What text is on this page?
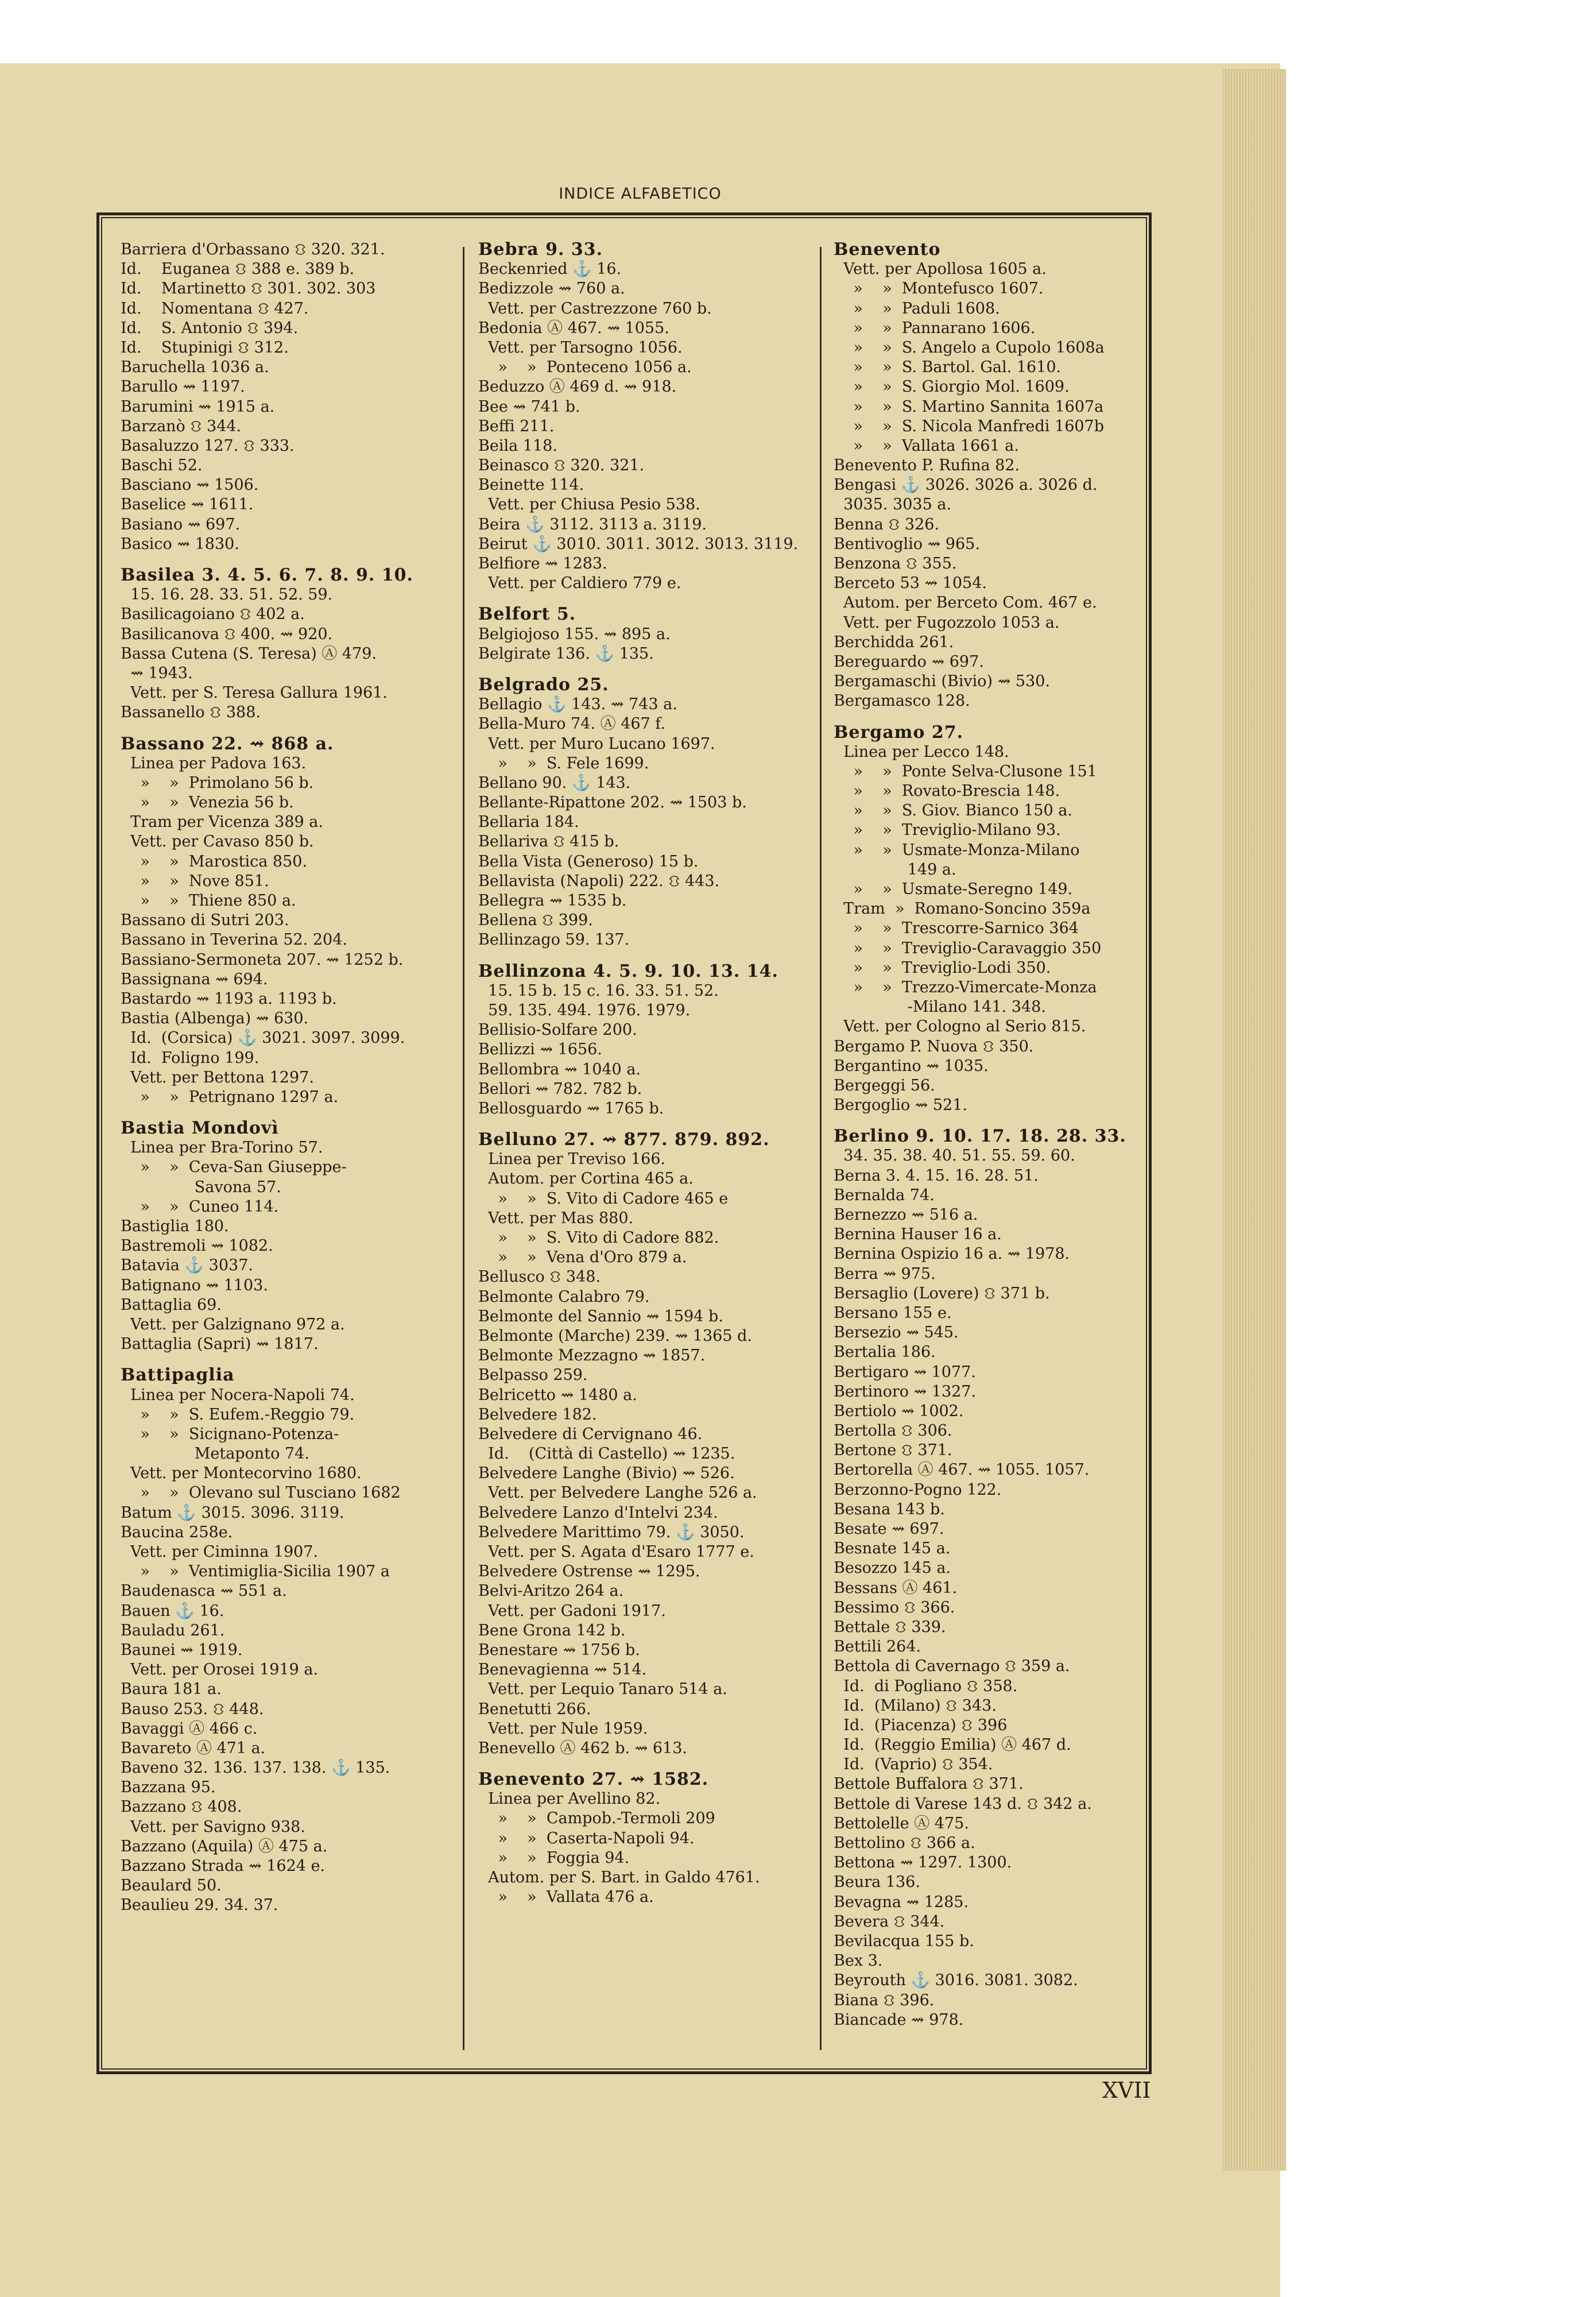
INDICE ALFABETICO
Barriera d'Orbassano ⛻ 320. 321.
Id.    Euganea ⛻ 388 e. 389 b.
Id.    Martinetto ⛻ 301. 302. 303
Id.    Nomentana ⛻ 427.
Id.    S. Antonio ⛻ 394.
Id.    Stupinigi ⛻ 312.
Baruchella 1036 a.
Barullo ⇝ 1197.
Barumini ⇝ 1915 a.
Barzanò ⛻ 344.
Basaluzzo 127. ⛻ 333.
Baschi 52.
Basciano ⇝ 1506.
Baselice ⇝ 1611.
Basiano ⇝ 697.
Basico ⇝ 1830.
Basilea 3. 4. 5. 6. 7. 8. 9. 10.
15. 16. 28. 33. 51. 52. 59.
Basilicagoiano ⛻ 402 a.
Basilicanova ⛻ 400. ⇝ 920.
Bassa Cutena (S. Teresa) Ⓐ 479.
⇝ 1943.
Vett. per S. Teresa Gallura 1961.
Bassanello ⛻ 388.
Bassano 22. ⇝ 868 a.
Linea per Padova 163.
»    »  Primolano 56 b.
»    »  Venezia 56 b.
Tram per Vicenza 389 a.
Vett. per Cavaso 850 b.
»    »  Marostica 850.
»    »  Nove 851.
»    »  Thiene 850 a.
Bassano di Sutri 203.
Bassano in Teverina 52. 204.
Bassiano-Sermoneta 207. ⇝ 1252 b.
Bassignana ⇝ 694.
Bastardo ⇝ 1193 a. 1193 b.
Bastia (Albenga) ⇝ 630.
Id.  (Corsica) ⚓ 3021. 3097. 3099.
Id.  Foligno 199.
Vett. per Bettona 1297.
»    »  Petrignano 1297 a.
Bastia Mondovì
Linea per Bra-Torino 57.
»    »  Ceva-San Giuseppe-
Savona 57.
»    »  Cuneo 114.
Bastiglia 180.
Bastremoli ⇝ 1082.
Batavia ⚓ 3037.
Batignano ⇝ 1103.
Battaglia 69.
Vett. per Galzignano 972 a.
Battaglia (Sapri) ⇝ 1817.
Battipaglia
Linea per Nocera-Napoli 74.
»    »  S. Eufem.-Reggio 79.
»    »  Sicignano-Potenza-
Metaponto 74.
Vett. per Montecorvino 1680.
»    »  Olevano sul Tusciano 1682
Batum ⚓ 3015. 3096. 3119.
Baucina 258e.
Vett. per Ciminna 1907.
»    »  Ventimiglia-Sicilia 1907 a
Baudenasca ⇝ 551 a.
Bauen ⚓ 16.
Bauladu 261.
Baunei ⇝ 1919.
Vett. per Orosei 1919 a.
Baura 181 a.
Bauso 253. ⛻ 448.
Bavaggi Ⓐ 466 c.
Bavareto Ⓐ 471 a.
Baveno 32. 136. 137. 138. ⚓ 135.
Bazzana 95.
Bazzano ⛻ 408.
Vett. per Savigno 938.
Bazzano (Aquila) Ⓐ 475 a.
Bazzano Strada ⇝ 1624 e.
Beaulard 50.
Beaulieu 29. 34. 37.
Bebra 9. 33.
Beckenried ⚓ 16.
Bedizzole ⇝ 760 a.
Vett. per Castrezzone 760 b.
Bedonia Ⓐ 467. ⇝ 1055.
Vett. per Tarsogno 1056.
»    »  Ponteceno 1056 a.
Beduzzo Ⓐ 469 d. ⇝ 918.
Bee ⇝ 741 b.
Beffi 211.
Beila 118.
Beinasco ⛻ 320. 321.
Beinette 114.
Vett. per Chiusa Pesio 538.
Beira ⚓ 3112. 3113 a. 3119.
Beirut ⚓ 3010. 3011. 3012. 3013. 3119.
Belfiore ⇝ 1283.
Vett. per Caldiero 779 e.
Belfort 5.
Belgiojoso 155. ⇝ 895 a.
Belgirate 136. ⚓ 135.
Belgrado 25.
Bellagio ⚓ 143. ⇝ 743 a.
Bella-Muro 74. Ⓐ 467 f.
Vett. per Muro Lucano 1697.
»    »  S. Fele 1699.
Bellano 90. ⚓ 143.
Bellante-Ripattone 202. ⇝ 1503 b.
Bellaria 184.
Bellariva ⛻ 415 b.
Bella Vista (Generoso) 15 b.
Bellavista (Napoli) 222. ⛻ 443.
Bellegra ⇝ 1535 b.
Bellena ⛻ 399.
Bellinzago 59. 137.
Bellinzona 4. 5. 9. 10. 13. 14.
15. 15 b. 15 c. 16. 33. 51. 52.
59. 135. 494. 1976. 1979.
Bellisio-Solfare 200.
Bellizzi ⇝ 1656.
Bellombra ⇝ 1040 a.
Bellori ⇝ 782. 782 b.
Bellosguardo ⇝ 1765 b.
Belluno 27. ⇝ 877. 879. 892.
Linea per Treviso 166.
Autom. per Cortina 465 a.
»    »  S. Vito di Cadore 465 e
Vett. per Mas 880.
»    »  S. Vito di Cadore 882.
»    »  Vena d'Oro 879 a.
Bellusco ⛻ 348.
Belmonte Calabro 79.
Belmonte del Sannio ⇝ 1594 b.
Belmonte (Marche) 239. ⇝ 1365 d.
Belmonte Mezzagno ⇝ 1857.
Belpasso 259.
Belricetto ⇝ 1480 a.
Belvedere 182.
Belvedere di Cervignano 46.
Id.    (Città di Castello) ⇝ 1235.
Belvedere Langhe (Bivio) ⇝ 526.
Vett. per Belvedere Langhe 526 a.
Belvedere Lanzo d'Intelvi 234.
Belvedere Marittimo 79. ⚓ 3050.
Vett. per S. Agata d'Esaro 1777 e.
Belvedere Ostrense ⇝ 1295.
Belvi-Aritzo 264 a.
Vett. per Gadoni 1917.
Bene Grona 142 b.
Benestare ⇝ 1756 b.
Benevagienna ⇝ 514.
Vett. per Lequio Tanaro 514 a.
Benetutti 266.
Vett. per Nule 1959.
Benevello Ⓐ 462 b. ⇝ 613.
Benevento 27. ⇝ 1582.
Linea per Avellino 82.
»    »  Campob.-Termoli 209
»    »  Caserta-Napoli 94.
»    »  Foggia 94.
Autom. per S. Bart. in Galdo 4761.
»    »  Vallata 476 a.
Benevento
Vett. per Apollosa 1605 a.
»    »  Montefusco 1607.
»    »  Paduli 1608.
»    »  Pannarano 1606.
»    »  S. Angelo a Cupolo 1608a
»    »  S. Bartol. Gal. 1610.
»    »  S. Giorgio Mol. 1609.
»    »  S. Martino Sannita 1607a
»    »  S. Nicola Manfredi 1607b
»    »  Vallata 1661 a.
Benevento P. Rufina 82.
Bengasi ⚓ 3026. 3026 a. 3026 d.
3035. 3035 a.
Benna ⛻ 326.
Bentivoglio ⇝ 965.
Benzona ⛻ 355.
Berceto 53 ⇝ 1054.
Autom. per Berceto Com. 467 e.
Vett. per Fugozzolo 1053 a.
Berchidda 261.
Bereguardo ⇝ 697.
Bergamaschi (Bivio) ⇝ 530.
Bergamasco 128.
Bergamo 27.
Linea per Lecco 148.
»    »  Ponte Selva-Clusone 151
»    »  Rovato-Brescia 148.
»    »  S. Giov. Bianco 150 a.
»    »  Treviglio-Milano 93.
»    »  Usmate-Monza-Milano
149 a.
»    »  Usmate-Seregno 149.
Tram  »  Romano-Soncino 359a
»    »  Trescorre-Sarnico 364
»    »  Treviglio-Caravaggio 350
»    »  Treviglio-Lodi 350.
»    »  Trezzo-Vimercate-Monza
-Milano 141. 348.
Vett. per Cologno al Serio 815.
Bergamo P. Nuova ⛻ 350.
Bergantino ⇝ 1035.
Bergeggi 56.
Bergoglio ⇝ 521.
Berlino 9. 10. 17. 18. 28. 33.
34. 35. 38. 40. 51. 55. 59. 60.
Berna 3. 4. 15. 16. 28. 51.
Bernalda 74.
Bernezzo ⇝ 516 a.
Bernina Hauser 16 a.
Bernina Ospizio 16 a. ⇝ 1978.
Berra ⇝ 975.
Bersaglio (Lovere) ⛻ 371 b.
Bersano 155 e.
Bersezio ⇝ 545.
Bertalia 186.
Bertigaro ⇝ 1077.
Bertinoro ⇝ 1327.
Bertiolo ⇝ 1002.
Bertolla ⛻ 306.
Bertone ⛻ 371.
Bertorella Ⓐ 467. ⇝ 1055. 1057.
Berzonno-Pogno 122.
Besana 143 b.
Besate ⇝ 697.
Besnate 145 a.
Besozzo 145 a.
Bessans Ⓐ 461.
Bessimo ⛻ 366.
Bettale ⛻ 339.
Bettili 264.
Bettola di Cavernago ⛻ 359 a.
Id.  di Pogliano ⛻ 358.
Id.  (Milano) ⛻ 343.
Id.  (Piacenza) ⛻ 396
Id.  (Reggio Emilia) Ⓐ 467 d.
Id.  (Vaprio) ⛻ 354.
Bettole Buffalora ⛻ 371.
Bettole di Varese 143 d. ⛻ 342 a.
Bettolelle Ⓐ 475.
Bettolino ⛻ 366 a.
Bettona ⇝ 1297. 1300.
Beura 136.
Bevagna ⇝ 1285.
Bevera ⛻ 344.
Bevilacqua 155 b.
Bex 3.
Beyrouth ⚓ 3016. 3081. 3082.
Biana ⛻ 396.
Biancade ⇝ 978.
XVII
